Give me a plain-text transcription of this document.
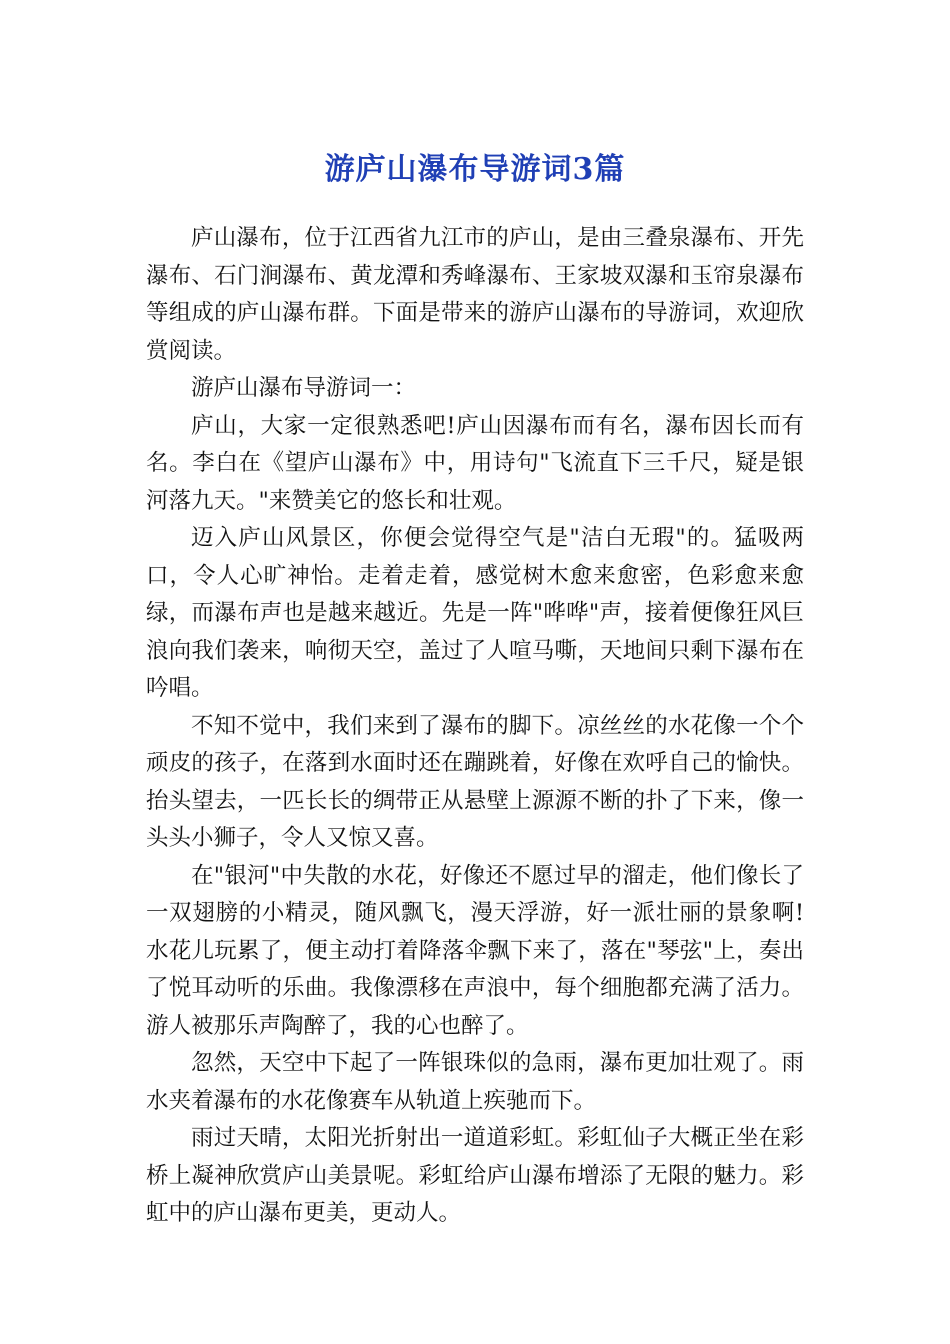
游庐山瀑布导游词3篇

庐山瀑布，位于江西省九江市的庐山，是由三叠泉瀑布、开先瀑布、石门涧瀑布、黄龙潭和秀峰瀑布、王家坡双瀑和玉帘泉瀑布等组成的庐山瀑布群。下面是带来的游庐山瀑布的导游词，欢迎欣赏阅读。

游庐山瀑布导游词一：

庐山，大家一定很熟悉吧!庐山因瀑布而有名，瀑布因长而有名。李白在《望庐山瀑布》中，用诗句"飞流直下三千尺，疑是银河落九天。"来赞美它的悠长和壮观。

迈入庐山风景区，你便会觉得空气是"洁白无瑕"的。猛吸两口，令人心旷神怡。走着走着，感觉树木愈来愈密，色彩愈来愈绿，而瀑布声也是越来越近。先是一阵"哗哗"声，接着便像狂风巨浪向我们袭来，响彻天空，盖过了人喧马嘶，天地间只剩下瀑布在吟唱。

不知不觉中，我们来到了瀑布的脚下。凉丝丝的水花像一个个顽皮的孩子，在落到水面时还在蹦跳着，好像在欢呼自己的愉快。抬头望去，一匹长长的绸带正从悬壁上源源不断的扑了下来，像一头头小狮子，令人又惊又喜。

在"银河"中失散的水花，好像还不愿过早的溜走，他们像长了一双翅膀的小精灵，随风飘飞，漫天浮游，好一派壮丽的景象啊!水花儿玩累了，便主动打着降落伞飘下来了，落在"琴弦"上，奏出了悦耳动听的乐曲。我像漂移在声浪中，每个细胞都充满了活力。游人被那乐声陶醉了，我的心也醉了。

忽然，天空中下起了一阵银珠似的急雨，瀑布更加壮观了。雨水夹着瀑布的水花像赛车从轨道上疾驰而下。

雨过天晴，太阳光折射出一道道彩虹。彩虹仙子大概正坐在彩桥上凝神欣赏庐山美景呢。彩虹给庐山瀑布增添了无限的魅力。彩虹中的庐山瀑布更美，更动人。
